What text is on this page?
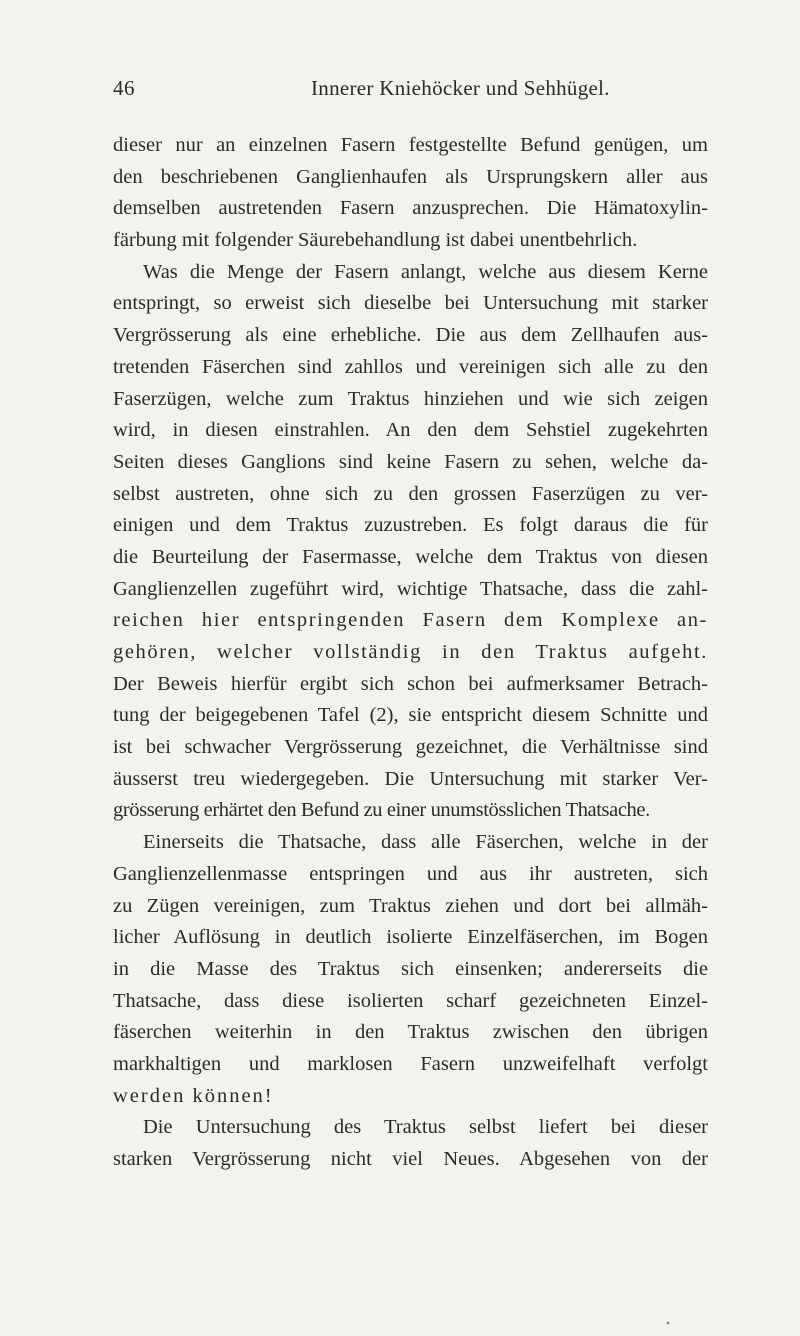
46	Innerer Kniehöcker und Sehhügel.
dieser nur an einzelnen Fasern festgestellte Befund genügen, um
den beschriebenen Ganglienhaufen als Ursprungskern aller aus
demselben austretenden Fasern anzusprechen. Die Hämatoxylin-
färbung mit folgender Säurebehandlung ist dabei unentbehrlich.
Was die Menge der Fasern anlangt, welche aus diesem Kerne
entspringt, so erweist sich dieselbe bei Untersuchung mit starker
Vergrösserung als eine erhebliche. Die aus dem Zellhaufen aus-
tretenden Fäserchen sind zahllos und vereinigen sich alle zu den
Faserzügen, welche zum Traktus hinziehen und wie sich zeigen
wird, in diesen einstrahlen. An den dem Sehstiel zugekehrten
Seiten dieses Ganglions sind keine Fasern zu sehen, welche da-
selbst austreten, ohne sich zu den grossen Faserzügen zu ver-
einigen und dem Traktus zuzustreben. Es folgt daraus die für
die Beurteilung der Fasermasse, welche dem Traktus von diesen
Ganglienzellen zugeführt wird, wichtige Thatsache, dass die zahl-
reichen hier entspringenden Fasern dem Komplexe an-
gehören, welcher vollständig in den Traktus aufgeht.
Der Beweis hierfür ergibt sich schon bei aufmerksamer Betrach-
tung der beigegebenen Tafel (2), sie entspricht diesem Schnitte und
ist bei schwacher Vergrösserung gezeichnet, die Verhältnisse sind
äusserst treu wiedergegeben. Die Untersuchung mit starker Ver-
grösserung erhärtet den Befund zu einer unumstösslichen Thatsache.
Einerseits die Thatsache, dass alle Fäserchen, welche in der
Ganglienzellenmasse entspringen und aus ihr austreten, sich
zu Zügen vereinigen, zum Traktus ziehen und dort bei allmäh-
licher Auflösung in deutlich isolierte Einzelfäserchen, im Bogen
in die Masse des Traktus sich einsenken; andererseits die
Thatsache, dass diese isolierten scharf gezeichneten Einzel-
fäserchen weiterhin in den Traktus zwischen den übrigen
markhaltigen und marklosen Fasern unzweifelhaft verfolgt
werden können!
Die Untersuchung des Traktus selbst liefert bei dieser
starken Vergrösserung nicht viel Neues. Abgesehen von der
•
